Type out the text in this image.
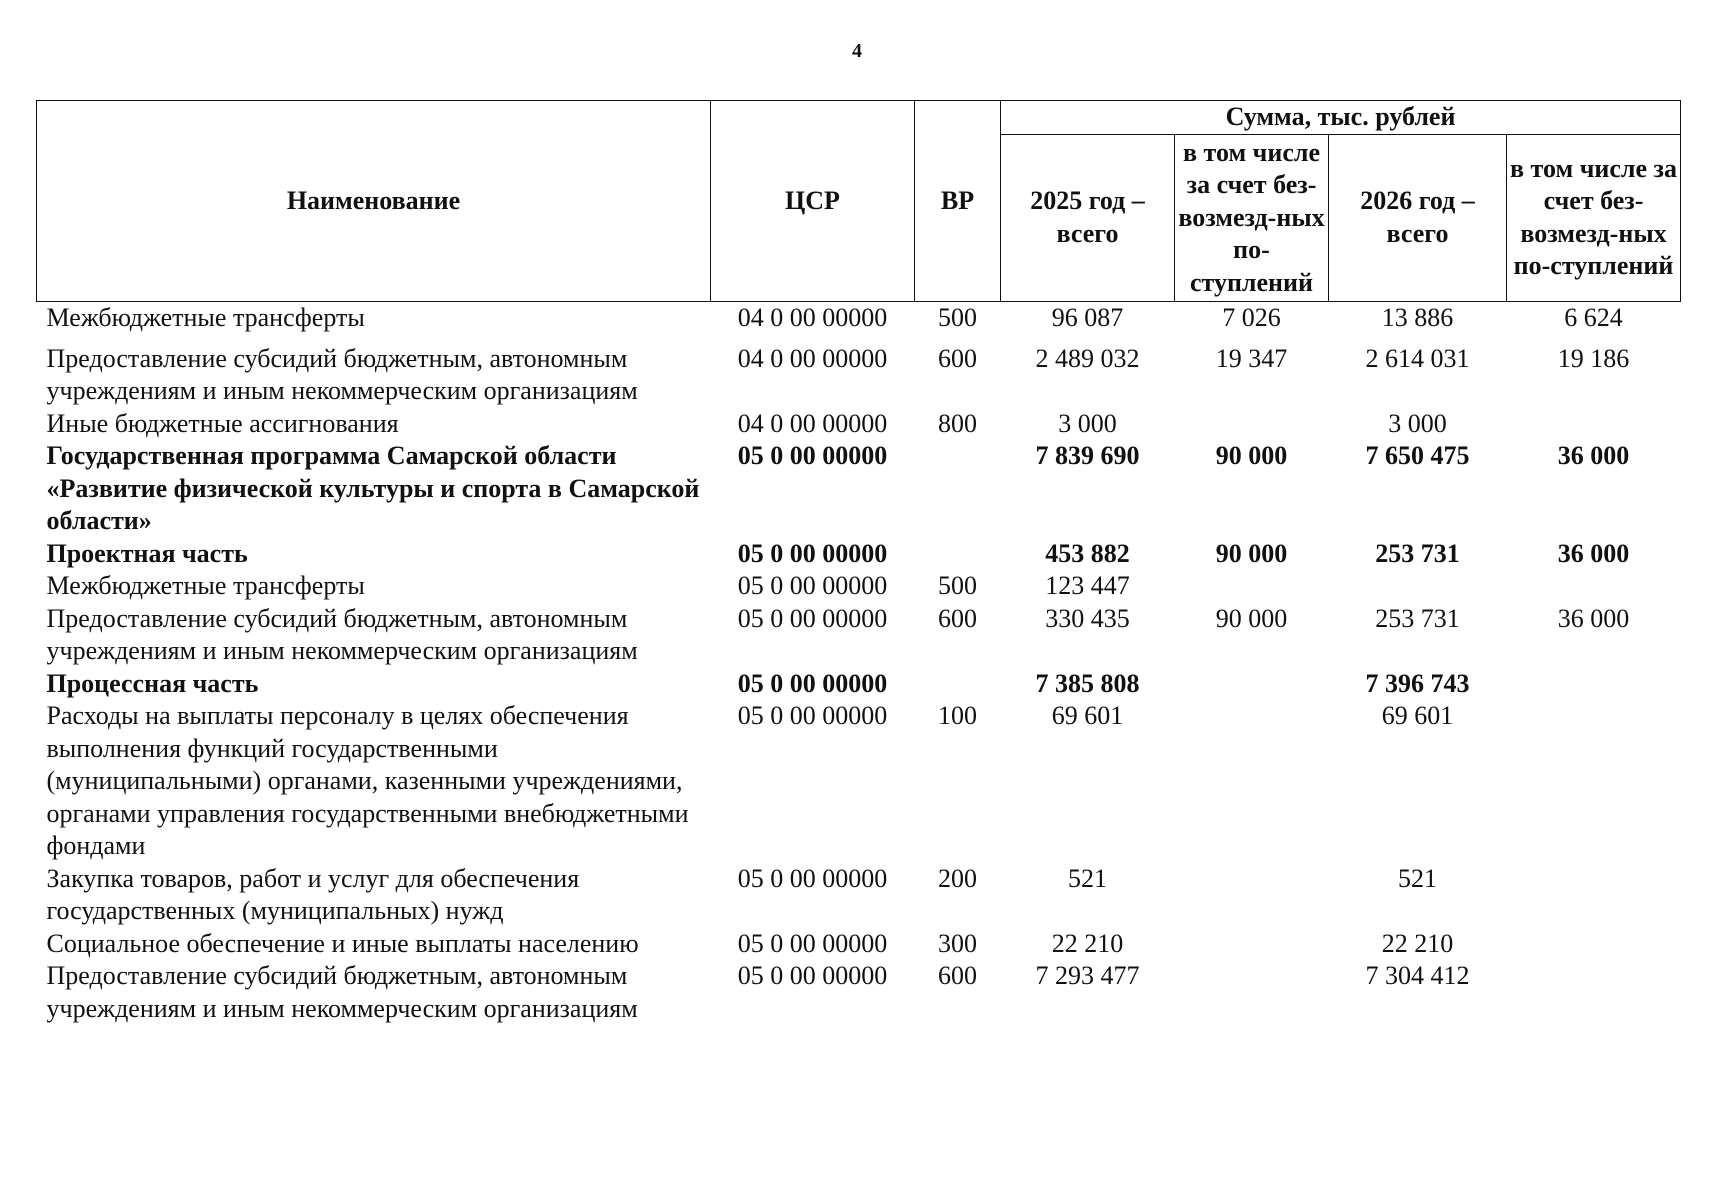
4
Наименование	ЦСР	ВР	Сумма, тыс. рублей			
			2025 год – всего	в том числе за счет без-возмезд-ных по-ступлений	2026 год – всего	в том числе за счет без-возмезд-ных по-ступлений
Межбюджетные трансферты	04 0 00 00000	500	96 087	7 026	13 886	6 624
Предоставление субсидий бюджетным, автономным учреждениям и иным некоммерческим организациям	04 0 00 00000	600	2 489 032	19 347	2 614 031	19 186
Иные бюджетные ассигнования	04 0 00 00000	800	3 000		3 000	
Государственная программа Самарской области «Развитие физической культуры и спорта в Самарской области»	05 0 00 00000		7 839 690	90 000	7 650 475	36 000
Проектная часть	05 0 00 00000		453 882	90 000	253 731	36 000
Межбюджетные трансферты	05 0 00 00000	500	123 447			
Предоставление субсидий бюджетным, автономным учреждениям и иным некоммерческим организациям	05 0 00 00000	600	330 435	90 000	253 731	36 000
Процессная часть	05 0 00 00000		7 385 808		7 396 743	
Расходы на выплаты персоналу в целях обеспечения выполнения функций государственными (муниципальными) органами, казенными учреждениями, органами управления государственными внебюджетными фондами	05 0 00 00000	100	69 601		69 601	
Закупка товаров, работ и услуг для обеспечения государственных (муниципальных) нужд	05 0 00 00000	200	521		521	
Социальное обеспечение и иные выплаты населению	05 0 00 00000	300	22 210		22 210	
Предоставление субсидий бюджетным, автономным учреждениям и иным некоммерческим организациям	05 0 00 00000	600	7 293 477		7 304 412	
